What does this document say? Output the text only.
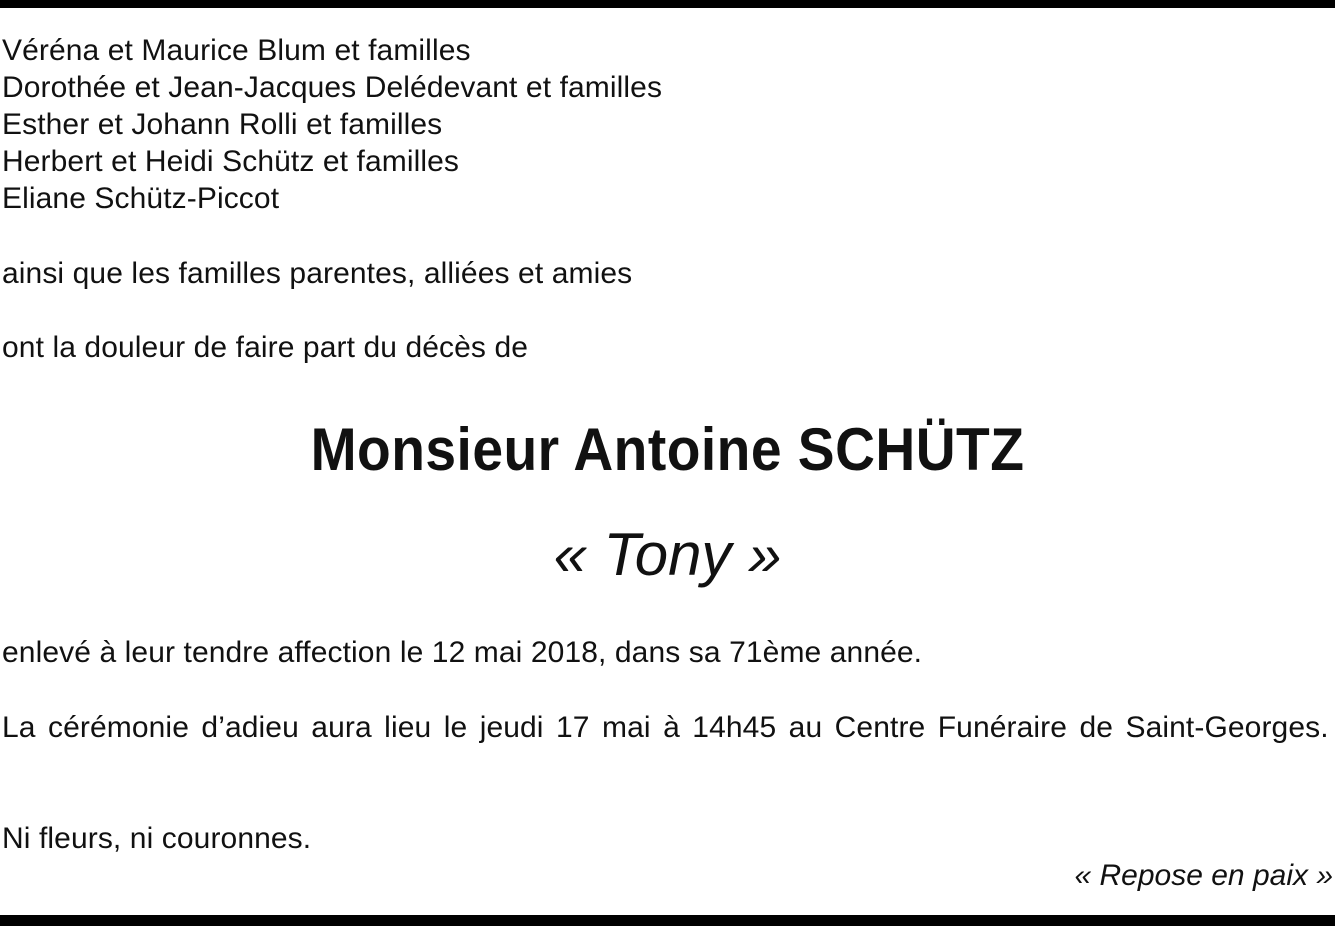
Véréna et Maurice Blum et familles
Dorothée et Jean-Jacques Delédevant et familles
Esther et Johann Rolli et familles
Herbert et Heidi Schütz et familles
Eliane Schütz-Piccot
ainsi que les familles parentes, alliées et amies
ont la douleur de faire part du décès de
Monsieur Antoine SCHÜTZ
« Tony »
enlevé à leur tendre affection le 12 mai 2018, dans sa 71ème année.
La cérémonie d’adieu aura lieu le jeudi 17 mai à 14h45 au Centre Funéraire de Saint-Georges.
Ni fleurs, ni couronnes.
« Repose en paix »
